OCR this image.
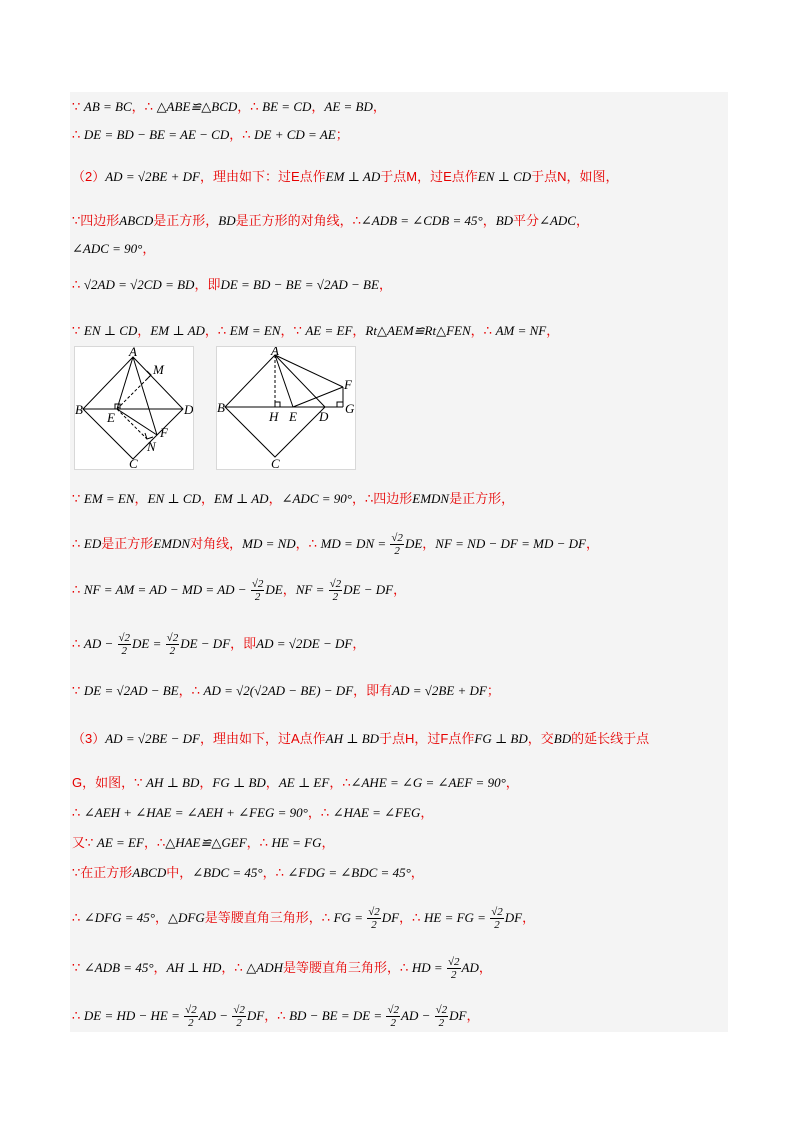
∵ AB = BC，∴ △ABE≌△BCD，∴ BE = CD，AE = BD，
∴ DE = BD − BE = AE − CD，∴ DE + CD = AE；
（2）AD = √2BE + DF，理由如下：过E点作EM ⊥ AD于点M，过E点作EN ⊥ CD于点N，如图，
∵四边形ABCD是正方形，BD是正方形的对角线，∴∠ADB = ∠CDB = 45°，BD平分∠ADC，
∠ADC = 90°，
∴ √2AD = √2CD = BD，即DE = BD − BE = √2AD − BE，
∵ EN ⊥ CD，EM ⊥ AD，∴ EM = EN，∵ AE = EF，Rt△AEM≌Rt△FEN，∴ AM = NF，
∵ EM = EN，EN ⊥ CD，EM ⊥ AD，∠ADC = 90°，∴四边形EMDN是正方形，
∴ ED是正方形EMDN对角线，MD = ND，∴ MD = DN = $\frac{√2}{2}$ DE，NF = ND − DF = MD − DF，
∴ NF = AM = AD − MD = AD − $\frac{√2}{2}$ DE，NF = $\frac{√2}{2}$ DE − DF，
∴ AD − $\frac{√2}{2}$ DE = $\frac{√2}{2}$ DE − DF，即AD = √2DE − DF，
∵ DE = √2AD − BE，∴ AD = √2(√2AD − BE) − DF，即有AD = √2BE + DF；
（3）AD = √2BE − DF，理由如下，过A点作AH ⊥ BD于点H，过F点作FG ⊥ BD，交BD的延长线于点
G，如图，∵ AH ⊥ BD，FG ⊥ BD，AE ⊥ EF，∴∠AHE = ∠G = ∠AEF = 90°，
∴ ∠AEH + ∠HAE = ∠AEH + ∠FEG = 90°，∴ ∠HAE = ∠FEG，
又∵ AE = EF，∴△HAE≌△GEF，∴ HE = FG，
∵在正方形ABCD中，∠BDC = 45°，∴ ∠FDG = ∠BDC = 45°，
∴ ∠DFG = 45°，△DFG是等腰直角三角形，∴ FG = $\frac{√2}{2}$ DF，∴ HE = FG = $\frac{√2}{2}$ DF，
∵ ∠ADB = 45°，AH ⊥ HD，∴ △ADH是等腰直角三角形，∴ HD = $\frac{√2}{2}$ AD，
∴ DE = HD − HE = $\frac{√2}{2}$ AD − $\frac{√2}{2}$ DF，∴ BD − BE = DE = $\frac{√2}{2}$ AD − $\frac{√2}{2}$ DF，
A
M
B
E
D
F
N
C
A
F
B
H E D
G
C
